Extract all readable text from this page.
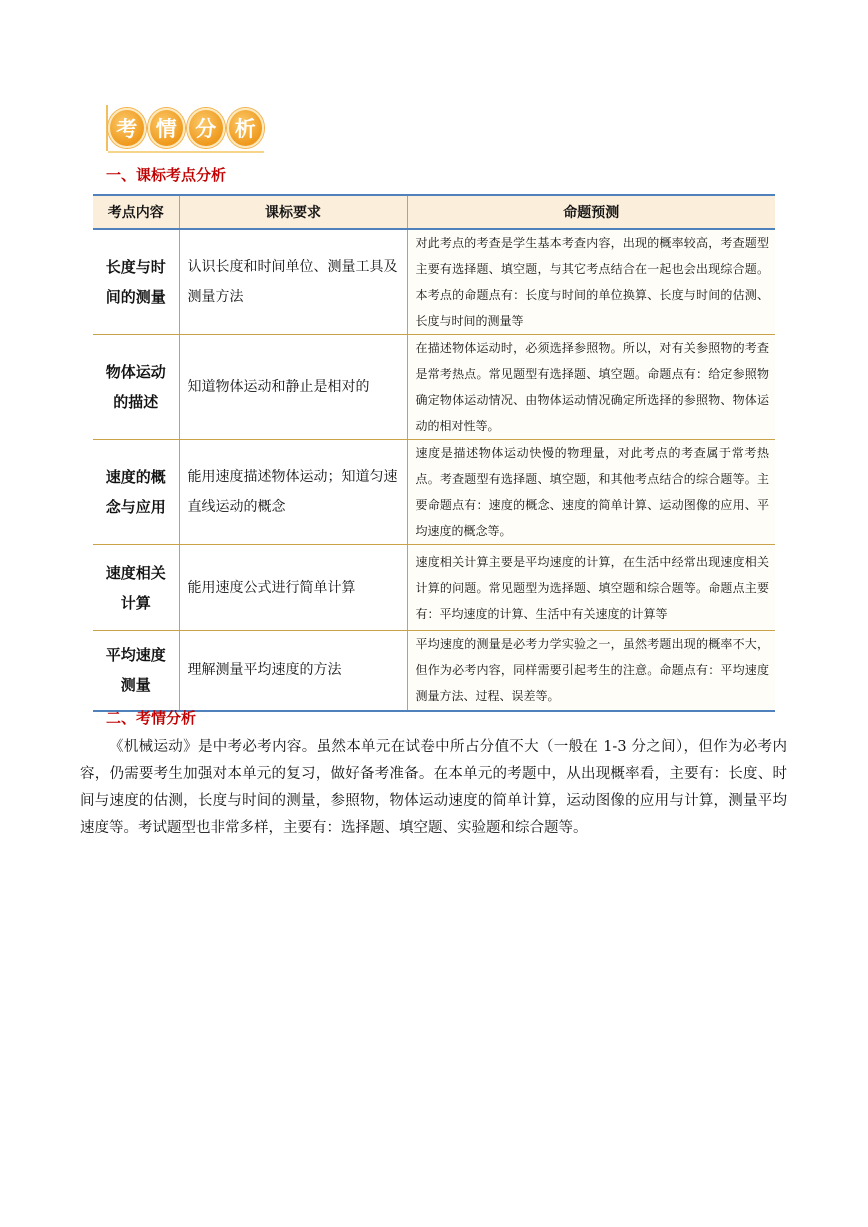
考 情 分 析
一、课标考点分析
考点内容	课标要求	命题预测
长度与时间的测量	认识长度和时间单位、测量工具及测量方法	对此考点的考查是学生基本考查内容，出现的概率较高，考查题型主要有选择题、填空题，与其它考点结合在一起也会出现综合题。本考点的命题点有：长度与时间的单位换算、长度与时间的估测、长度与时间的测量等
物体运动的描述	知道物体运动和静止是相对的	在描述物体运动时，必须选择参照物。所以，对有关参照物的考查是常考热点。常见题型有选择题、填空题。命题点有：给定参照物确定物体运动情况、由物体运动情况确定所选择的参照物、物体运动的相对性等。
速度的概念与应用	能用速度描述物体运动；知道匀速直线运动的概念	速度是描述物体运动快慢的物理量，对此考点的考查属于常考热点。考查题型有选择题、填空题，和其他考点结合的综合题等。主要命题点有：速度的概念、速度的简单计算、运动图像的应用、平均速度的概念等。
速度相关计算	能用速度公式进行简单计算	速度相关计算主要是平均速度的计算，在生活中经常出现速度相关计算的问题。常见题型为选择题、填空题和综合题等。命题点主要有：平均速度的计算、生活中有关速度的计算等
平均速度测量	理解测量平均速度的方法	平均速度的测量是必考力学实验之一，虽然考题出现的概率不大，但作为必考内容，同样需要引起考生的注意。命题点有：平均速度测量方法、过程、误差等。
二、考情分析
《机械运动》是中考必考内容。虽然本单元在试卷中所占分值不大（一般在 1-3 分之间），但作为必考内容，仍需要考生加强对本单元的复习，做好备考准备。在本单元的考题中，从出现概率看，主要有：长度、时间与速度的估测，长度与时间的测量，参照物，物体运动速度的简单计算，运动图像的应用与计算，测量平均速度等。考试题型也非常多样，主要有：选择题、填空题、实验题和综合题等。
